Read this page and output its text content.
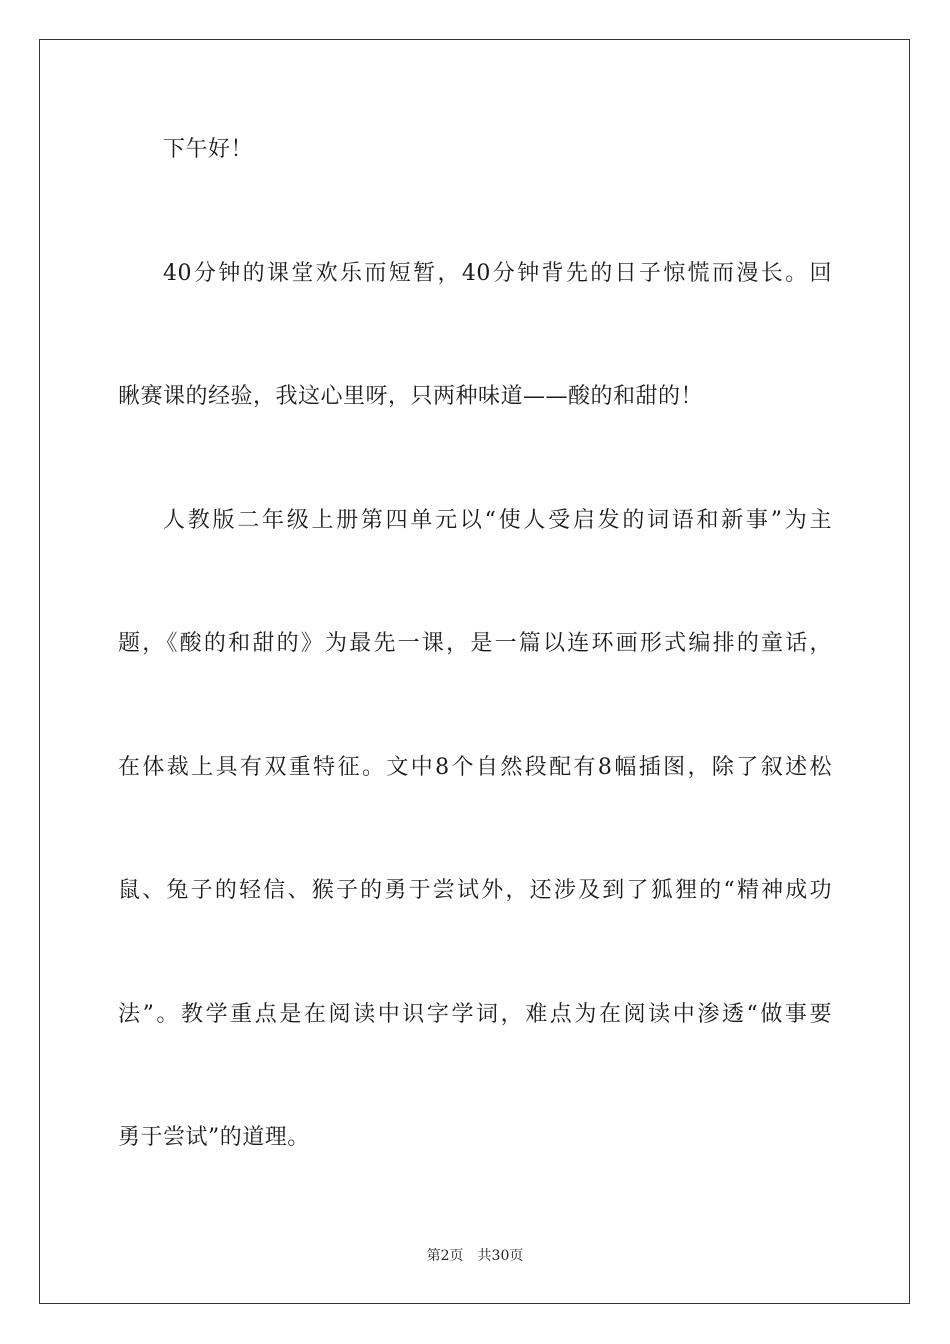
下午好！
40分钟的课堂欢乐而短暂，40分钟背先的日子惊慌而漫长。回
瞅赛课的经验，我这心里呀，只两种味道——酸的和甜的！
人教版二年级上册第四单元以“使人受启发的词语和新事”为主
题，《酸的和甜的》为最先一课，是一篇以连环画形式编排的童话，
在体裁上具有双重特征。文中8个自然段配有8幅插图，除了叙述松
鼠、兔子的轻信、猴子的勇于尝试外，还涉及到了狐狸的“精神成功
法”。教学重点是在阅读中识字学词，难点为在阅读中渗透“做事要
勇于尝试”的道理。
第2页 共30页
